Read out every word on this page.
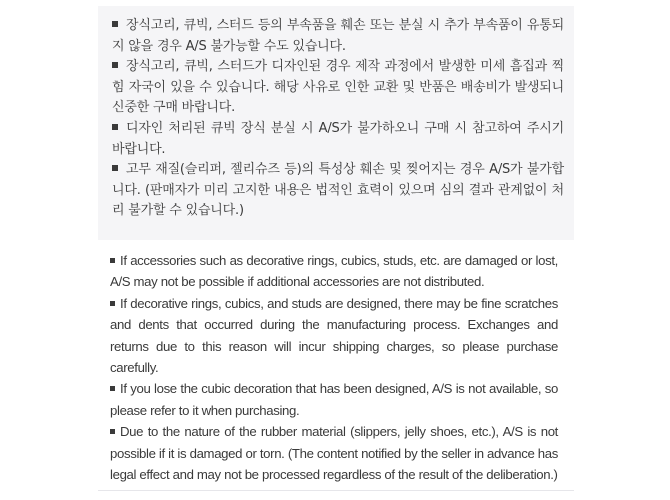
장식고리, 큐빅, 스터드 등의 부속품을 훼손 또는 분실 시 추가 부속품이 유통되지 않을 경우 A/S 불가능할 수도 있습니다.
장식고리, 큐빅, 스터드가 디자인된 경우 제작 과정에서 발생한 미세 흠집과 찍힘 자국이 있을 수 있습니다. 해당 사유로 인한 교환 및 반품은 배송비가 발생되니 신중한 구매 바랍니다.
디자인 처리된 큐빅 장식 분실 시 A/S가 불가하오니 구매 시 참고하여 주시기 바랍니다.
고무 재질(슬리퍼, 젤리슈즈 등)의 특성상 훼손 및 찢어지는 경우 A/S가 불가합니다. (판매자가 미리 고지한 내용은 법적인 효력이 있으며 심의 결과 관계없이 처리 불가할 수 있습니다.)
If accessories such as decorative rings, cubics, studs, etc. are damaged or lost, A/S may not be possible if additional accessories are not distributed.
If decorative rings, cubics, and studs are designed, there may be fine scratches and dents that occurred during the manufacturing process. Exchanges and returns due to this reason will incur shipping charges, so please purchase carefully.
If you lose the cubic decoration that has been designed, A/S is not available, so please refer to it when purchasing.
Due to the nature of the rubber material (slippers, jelly shoes, etc.), A/S is not possible if it is damaged or torn. (The content notified by the seller in advance has legal effect and may not be processed regardless of the result of the deliberation.)
